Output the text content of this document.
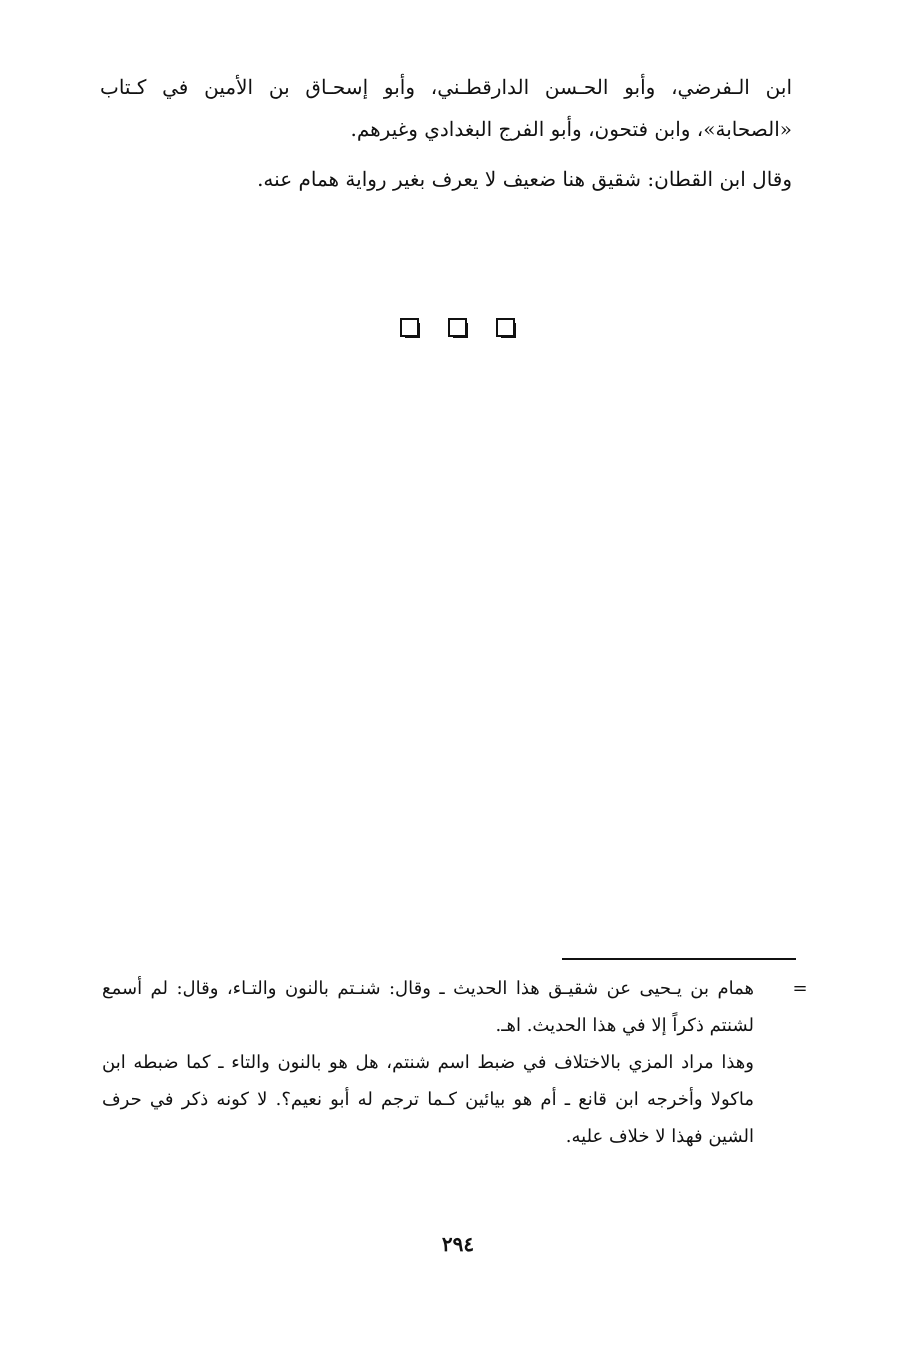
ابن الـفرضي، وأبو الحـسن الدارقطـني، وأبو إسحـاق بن الأمين في كـتاب «الصحابة»، وابن فتحون، وأبو الفرج البغدادي وغيرهم.

وقال ابن القطان: شقيق هنا ضعيف لا يعرف بغير رواية همام عنه.

=

همام بن يـحيى عن شقيـق هذا الحديث ـ وقال: شنـتم بالنون والتـاء، وقال: لم أسمع لشنتم ذكراً إلا في هذا الحديث. اهـ.

وهذا مراد المزي بالاختلاف في ضبط اسم شنتم، هل هو بالنون والتاء ـ كما ضبطه ابن ماكولا وأخرجه ابن قانع ـ أم هو بيائين كـما ترجم له أبو نعيم؟. لا كونه ذكر في حرف الشين فهذا لا خلاف عليه.

٢٩٤
